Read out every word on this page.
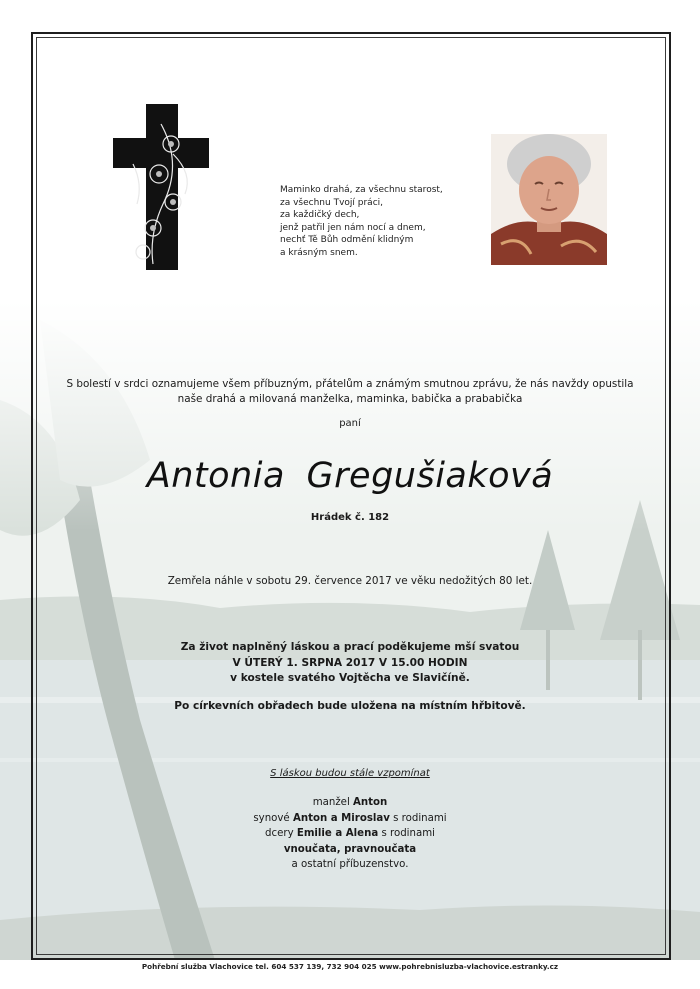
Maminko drahá, za všechnu starost,
za všechnu Tvojí práci,
za každičký dech,
jenž patřil jen nám nocí a dnem,
nechť Tě Bůh odmění klidným
a krásným snem.
S bolestí v srdci oznamujeme všem příbuzným, přátelům a známým smutnou zprávu, že nás navždy opustila
naše drahá a milovaná manželka, maminka, babička a prababička
paní
Antonia Gregušiaková
Hrádek č. 182
Zemřela náhle v sobotu 29. července 2017 ve věku nedožitých 80 let.
Za život naplněný láskou a prací poděkujeme mší svatou
V ÚTERÝ 1. SRPNA 2017 V 15.00 HODIN
v kostele svatého Vojtěcha ve Slavičíně.
Po církevních obřadech bude uložena na místním hřbitově.
S láskou budou stále vzpomínat
manžel Anton
synové Anton a Miroslav s rodinami
dcery Emilie a Alena s rodinami
vnoučata, pravnoučata
a ostatní příbuzenstvo.
Pohřební služba Vlachovice tel. 604 537 139, 732 904 025 www.pohrebnisluzba-vlachovice.estranky.cz
